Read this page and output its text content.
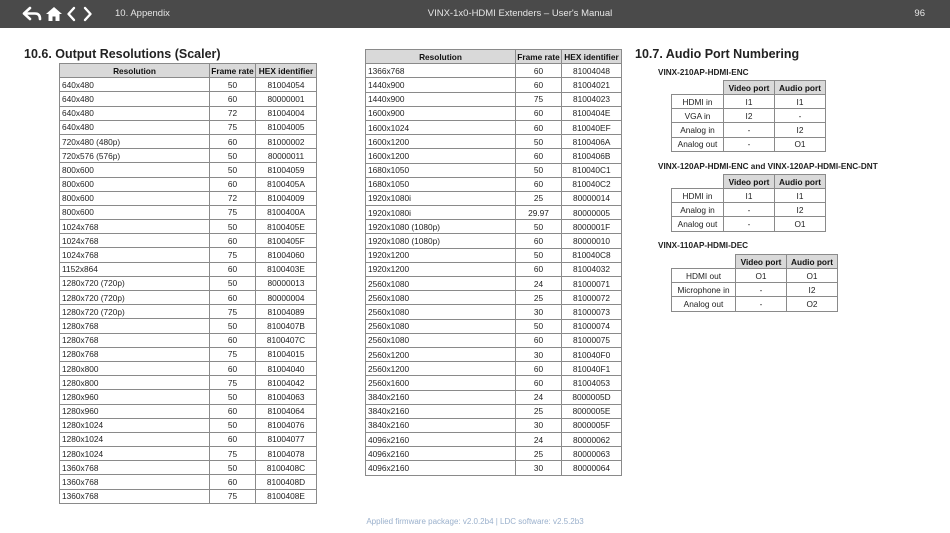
10. Appendix	VINX-1x0-HDMI Extenders – User's Manual	96
10.6. Output Resolutions (Scaler)
Resolution	Frame rate	HEX identifier
640x480	50	81004054
640x480	60	80000001
640x480	72	81004004
640x480	75	81004005
720x480 (480p)	60	81000002
720x576 (576p)	50	80000011
800x600	50	81004059
800x600	60	8100405A
800x600	72	81004009
800x600	75	8100400A
1024x768	50	8100405E
1024x768	60	8100405F
1024x768	75	81004060
1152x864	60	8100403E
1280x720 (720p)	50	80000013
1280x720 (720p)	60	80000004
1280x720 (720p)	75	81004089
1280x768	50	8100407B
1280x768	60	8100407C
1280x768	75	81004015
1280x800	60	81004040
1280x800	75	81004042
1280x960	50	81004063
1280x960	60	81004064
1280x1024	50	81004076
1280x1024	60	81004077
1280x1024	75	81004078
1360x768	50	8100408C
1360x768	60	8100408D
1360x768	75	8100408E
Resolution	Frame rate	HEX identifier
1366x768	60	81004048
1440x900	60	81004021
1440x900	75	81004023
1600x900	60	8100404E
1600x1024	60	810040EF
1600x1200	50	8100406A
1600x1200	60	8100406B
1680x1050	50	810040C1
1680x1050	60	810040C2
1920x1080i	25	80000014
1920x1080i	29.97	80000005
1920x1080 (1080p)	50	8000001F
1920x1080 (1080p)	60	80000010
1920x1200	50	810040C8
1920x1200	60	81004032
2560x1080	24	81000071
2560x1080	25	81000072
2560x1080	30	81000073
2560x1080	50	81000074
2560x1080	60	81000075
2560x1200	30	810040F0
2560x1200	60	810040F1
2560x1600	60	81004053
3840x2160	24	8000005D
3840x2160	25	8000005E
3840x2160	30	8000005F
4096x2160	24	80000062
4096x2160	25	80000063
4096x2160	30	80000064
10.7. Audio Port Numbering
VINX-210AP-HDMI-ENC
	Video port	Audio port
HDMI in	I1	I1
VGA in	I2	-
Analog in	-	I2
Analog out	-	O1
VINX-120AP-HDMI-ENC and VINX-120AP-HDMI-ENC-DNT
	Video port	Audio port
HDMI in	I1	I1
Analog in	-	I2
Analog out	-	O1
VINX-110AP-HDMI-DEC
	Video port	Audio port
HDMI out	O1	O1
Microphone in	-	I2
Analog out	-	O2
Applied firmware package: v2.0.2b4 | LDC software: v2.5.2b3
